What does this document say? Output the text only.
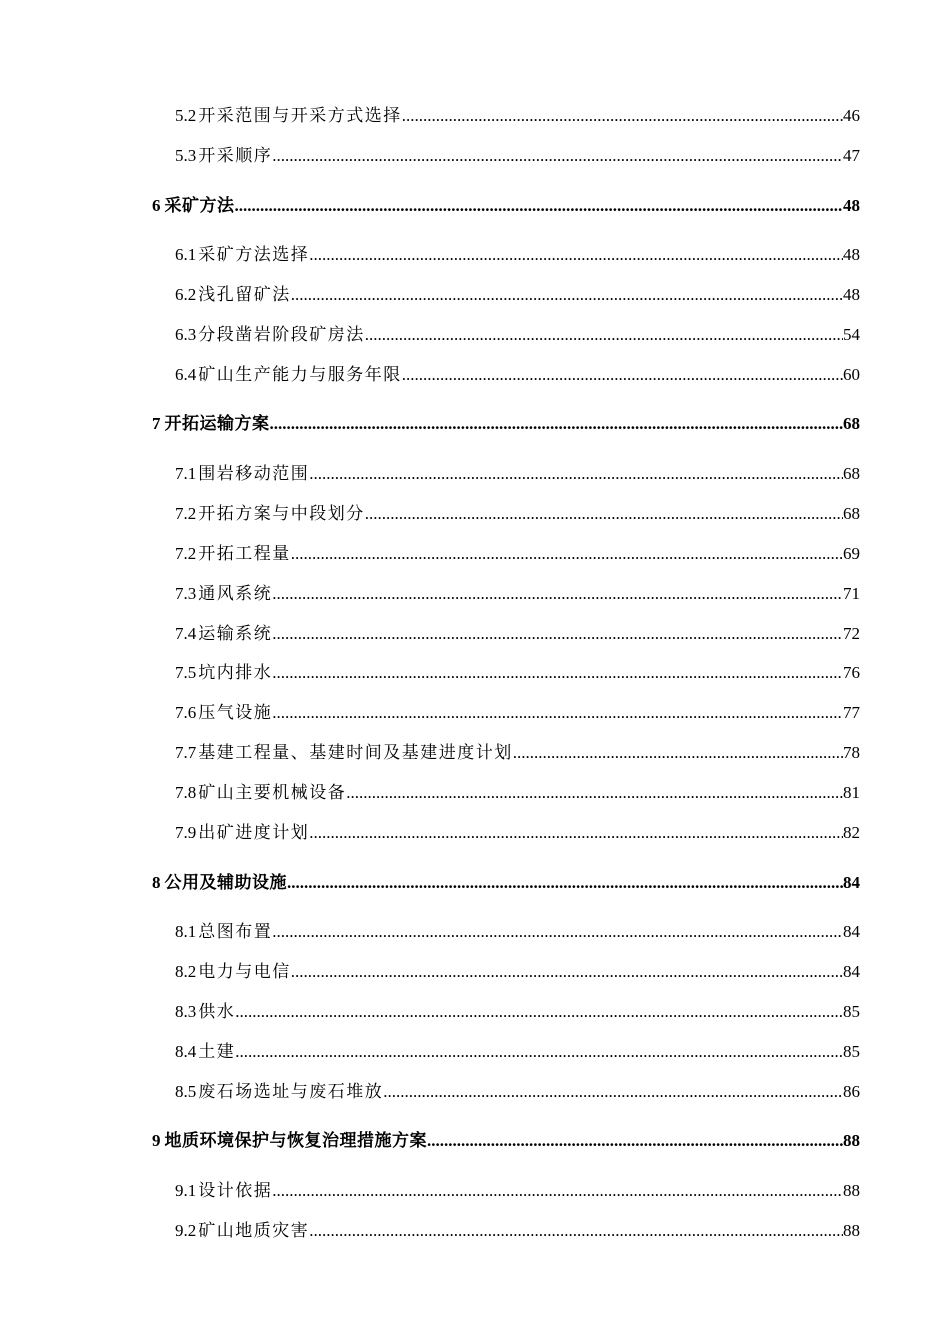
5.2 开采范围与开采方式选择 .....	46
5.3 开采顺序 .....	47
6 采矿方法 .....	48
6.1 采矿方法选择 .....	48
6.2 浅孔留矿法 .....	48
6.3 分段凿岩阶段矿房法 .....	54
6.4 矿山生产能力与服务年限 .....	60
7 开拓运输方案 .....	68
7.1 围岩移动范围 .....	68
7.2 开拓方案与中段划分 .....	68
7.2 开拓工程量 .....	69
7.3 通风系统 .....	71
7.4 运输系统 .....	72
7.5 坑内排水 .....	76
7.6 压气设施 .....	77
7.7 基建工程量、基建时间及基建进度计划 .....	78
7.8 矿山主要机械设备 .....	81
7.9 出矿进度计划 .....	82
8 公用及辅助设施 .....	84
8.1 总图布置 .....	84
8.2 电力与电信 .....	84
8.3 供水 .....	85
8.4 土建 .....	85
8.5 废石场选址与废石堆放 .....	86
9 地质环境保护与恢复治理措施方案 .....	88
9.1 设计依据 .....	88
9.2 矿山地质灾害 .....	88
